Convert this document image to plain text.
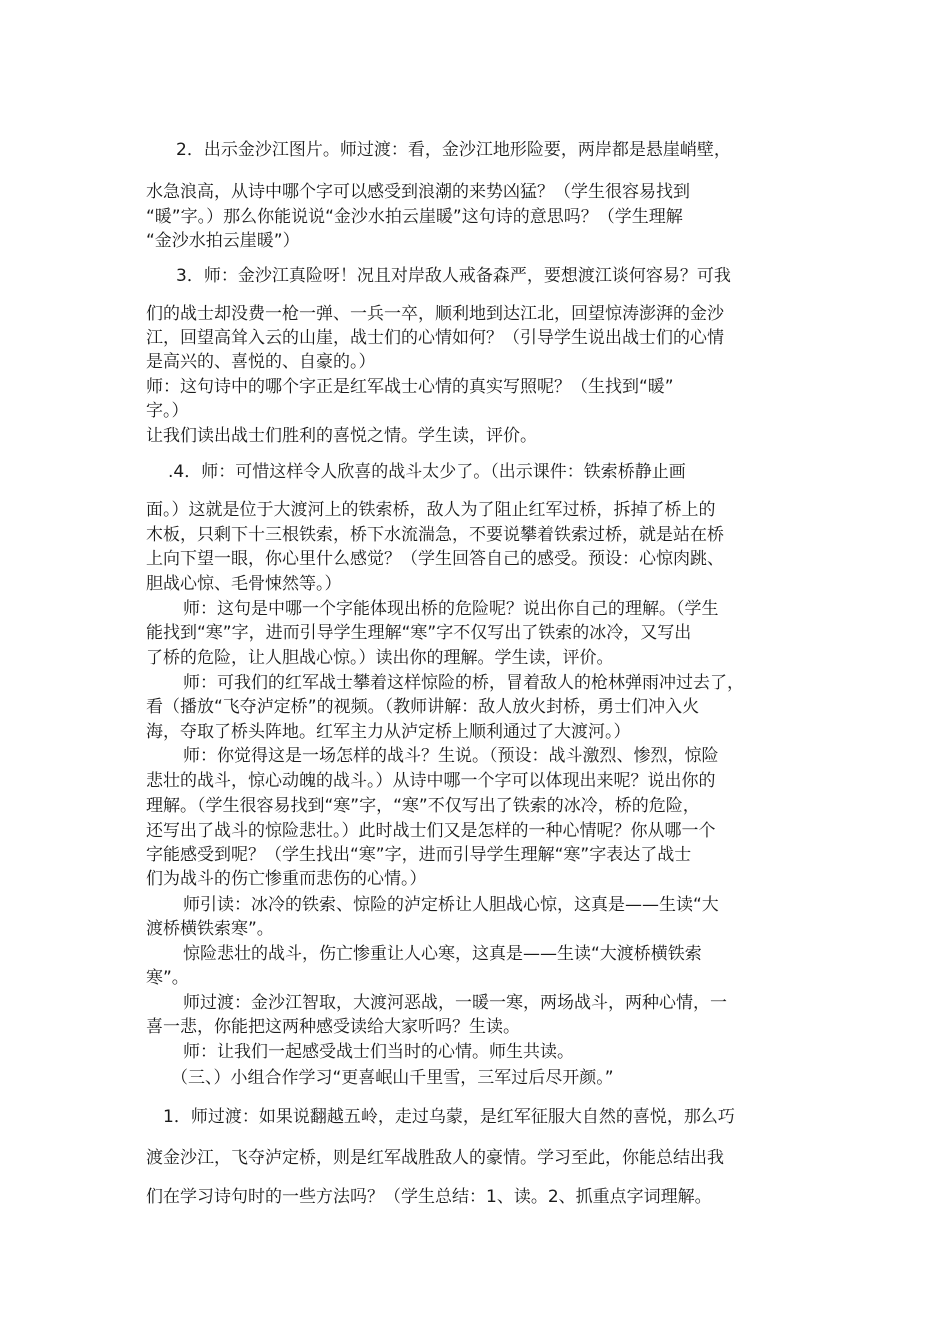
2．出示金沙江图片。师过渡：看，金沙江地形险要，两岸都是悬崖峭壁，
水急浪高，从诗中哪个字可以感受到浪潮的来势凶猛？（学生很容易找到
“暖”字。）那么你能说说“金沙水拍云崖暖”这句诗的意思吗？（学生理解
“金沙水拍云崖暖”）
3．师：金沙江真险呀！况且对岸敌人戒备森严，要想渡江谈何容易？可我
们的战士却没费一枪一弹、一兵一卒，顺利地到达江北，回望惊涛澎湃的金沙
江，回望高耸入云的山崖，战士们的心情如何？（引导学生说出战士们的心情
是高兴的、喜悦的、自豪的。）
师：这句诗中的哪个字正是红军战士心情的真实写照呢？（生找到“暖”
字。）
让我们读出战士们胜利的喜悦之情。学生读，评价。
.4．师：可惜这样令人欣喜的战斗太少了。（出示课件：铁索桥静止画
面。）这就是位于大渡河上的铁索桥，敌人为了阻止红军过桥，拆掉了桥上的
木板，只剩下十三根铁索，桥下水流湍急，不要说攀着铁索过桥，就是站在桥
上向下望一眼，你心里什么感觉？（学生回答自己的感受。预设：心惊肉跳、
胆战心惊、毛骨悚然等。）
师：这句是中哪一个字能体现出桥的危险呢？说出你自己的理解。（学生
能找到“寒”字，进而引导学生理解“寒”字不仅写出了铁索的冰冷，又写出
了桥的危险，让人胆战心惊。）读出你的理解。学生读，评价。
师：可我们的红军战士攀着这样惊险的桥，冒着敌人的枪林弹雨冲过去了，
看（播放“飞夺泸定桥”的视频。（教师讲解：敌人放火封桥，勇士们冲入火
海，夺取了桥头阵地。红军主力从泸定桥上顺利通过了大渡河。）
师：你觉得这是一场怎样的战斗？生说。（预设：战斗激烈、惨烈，惊险
悲壮的战斗，惊心动魄的战斗。）从诗中哪一个字可以体现出来呢？说出你的
理解。（学生很容易找到“寒”字，“寒”不仅写出了铁索的冰冷，桥的危险，
还写出了战斗的惊险悲壮。）此时战士们又是怎样的一种心情呢？你从哪一个
字能感受到呢？（学生找出“寒”字，进而引导学生理解“寒”字表达了战士
们为战斗的伤亡惨重而悲伤的心情。）
师引读：冰冷的铁索、惊险的泸定桥让人胆战心惊，这真是——生读“大
渡桥横铁索寒”。
惊险悲壮的战斗，伤亡惨重让人心寒，这真是——生读“大渡桥横铁索
寒”。
师过渡：金沙江智取，大渡河恶战，一暖一寒，两场战斗，两种心情，一
喜一悲，你能把这两种感受读给大家听吗？生读。
师：让我们一起感受战士们当时的心情。师生共读。
（三、）小组合作学习“更喜岷山千里雪，三军过后尽开颜。”
1．师过渡：如果说翻越五岭，走过乌蒙，是红军征服大自然的喜悦，那么巧
渡金沙江，飞夺泸定桥，则是红军战胜敌人的豪情。学习至此，你能总结出我
们在学习诗句时的一些方法吗？（学生总结：1、读。2、抓重点字词理解。
